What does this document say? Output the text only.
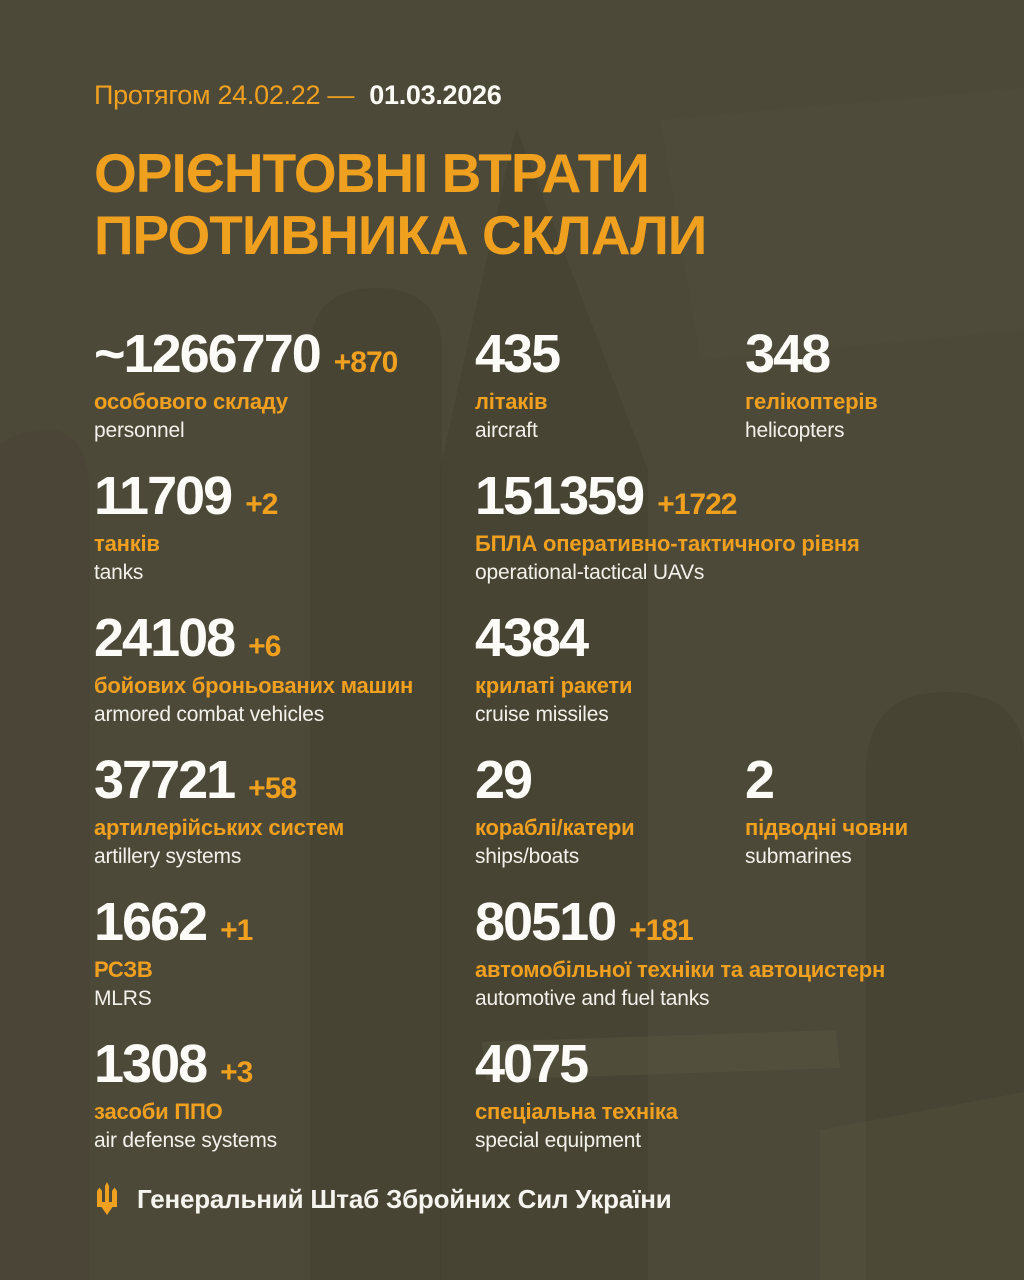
Протягом 24.02.22 — 01.03.2026
ОРІЄНТОВНІ ВТРАТИ
ПРОТИВНИКА СКЛАЛИ
~1266770 +870
особового складу
personnel
435
літаків
aircraft
348
гелікоптерів
helicopters
11709 +2
танків
tanks
151359 +1722
БПЛА оперативно-тактичного рівня
operational-tactical UAVs
24108 +6
бойових броньованих машин
armored combat vehicles
4384
крилаті ракети
cruise missiles
37721 +58
артилерійських систем
artillery systems
29
кораблі/катери
ships/boats
2
підводні човни
submarines
1662 +1
РСЗВ
MLRS
80510 +181
автомобільної техніки та автоцистерн
automotive and fuel tanks
1308 +3
засоби ППО
air defense systems
4075
спеціальна техніка
special equipment
Генеральний Штаб Збройних Сил України
